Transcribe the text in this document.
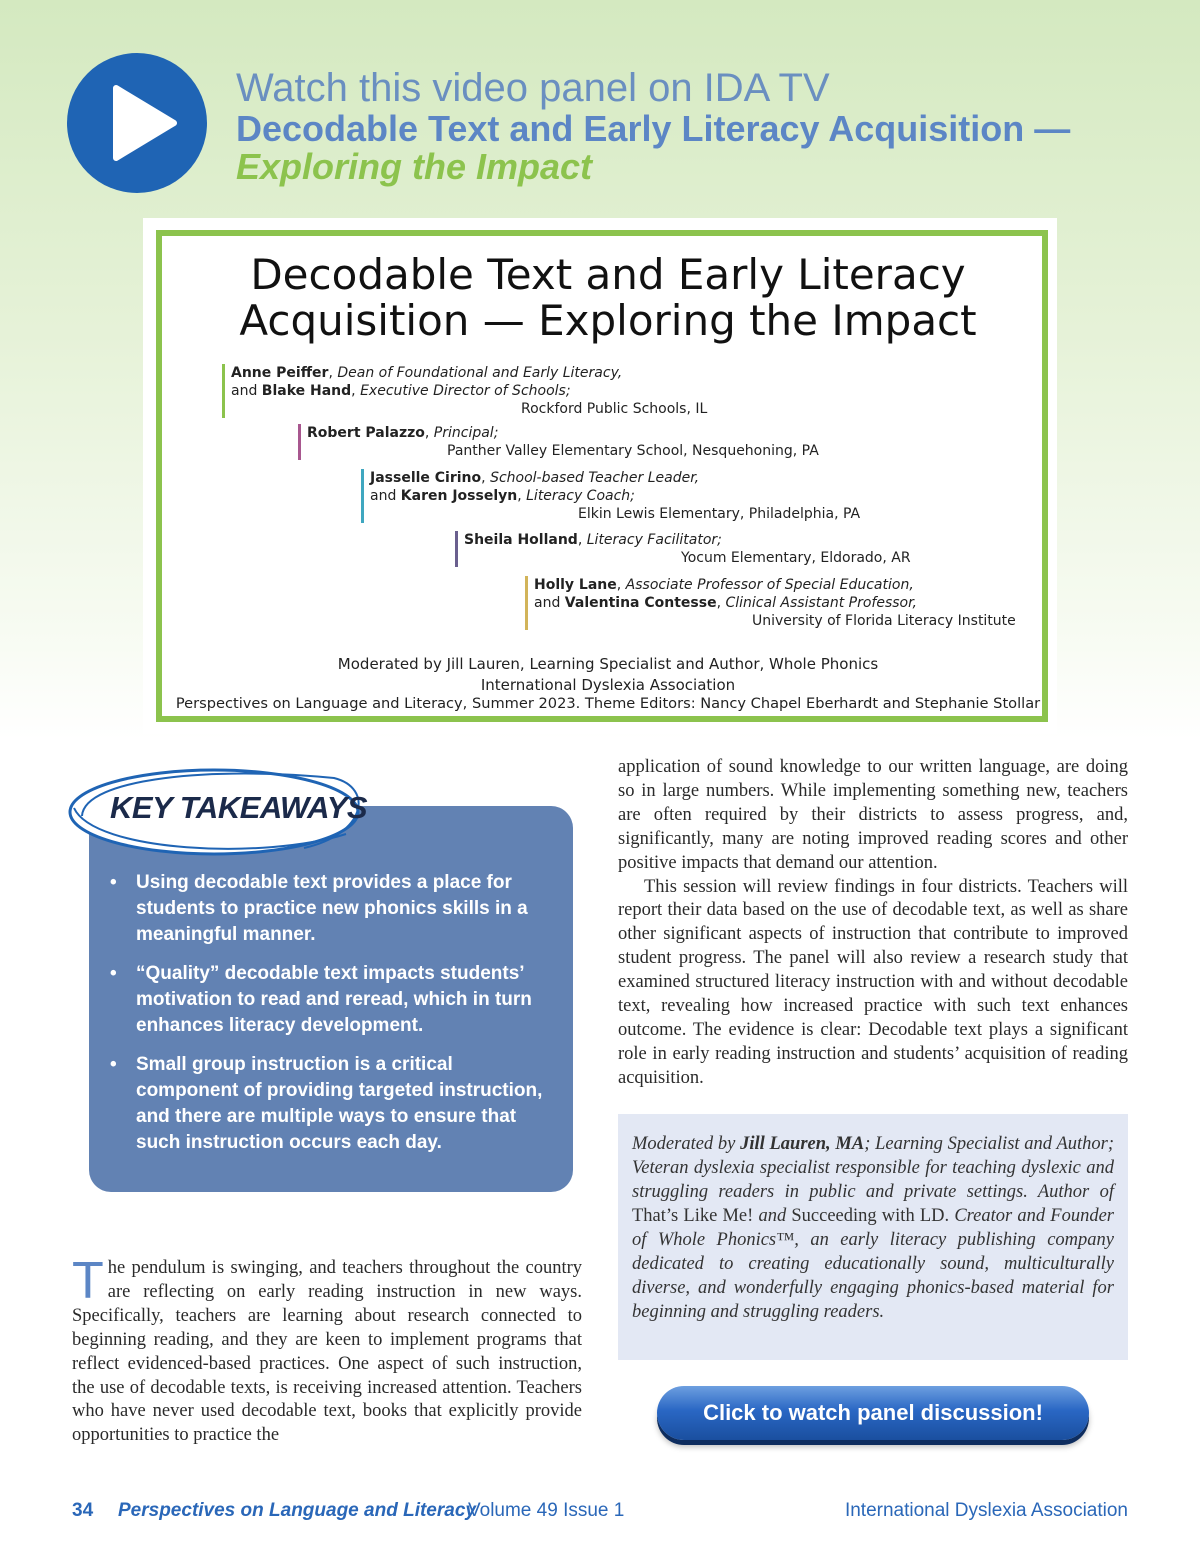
Watch this video panel on IDA TV
Decodable Text and Early Literacy Acquisition —
Exploring the Impact
Decodable Text and Early Literacy
Acquisition — Exploring the Impact
Anne Peiffer, Dean of Foundational and Early Literacy,
and Blake Hand, Executive Director of Schools;
Rockford Public Schools, IL
Robert Palazzo, Principal;
Panther Valley Elementary School, Nesquehoning, PA
Jasselle Cirino, School-based Teacher Leader,
and Karen Josselyn, Literacy Coach;
Elkin Lewis Elementary, Philadelphia, PA
Sheila Holland, Literacy Facilitator;
Yocum Elementary, Eldorado, AR
Holly Lane, Associate Professor of Special Education,
and Valentina Contesse, Clinical Assistant Professor,
University of Florida Literacy Institute
Moderated by Jill Lauren, Learning Specialist and Author, Whole Phonics
International Dyslexia Association
Perspectives on Language and Literacy, Summer 2023. Theme Editors: Nancy Chapel Eberhardt and Stephanie Stollar
KEY TAKEAWAYS
• Using decodable text provides a place for students to practice new phonics skills in a meaningful manner.
• “Quality” decodable text impacts students’ motivation to read and reread, which in turn enhances literacy development.
• Small group instruction is a critical component of providing targeted instruction, and there are multiple ways to ensure that such instruction occurs each day.

The pendulum is swinging, and teachers throughout the country are reflecting on early reading instruction in new ways. Specifically, teachers are learning about research connected to beginning reading, and they are keen to implement programs that reflect evidenced-based practices. One aspect of such instruction, the use of decodable texts, is receiving increased attention. Teachers who have never used decodable text, books that explicitly provide opportunities to practice the

application of sound knowledge to our written language, are doing so in large numbers. While implementing something new, teachers are often required by their districts to assess progress, and, significantly, many are noting improved reading scores and other positive impacts that demand our attention.

This session will review findings in four districts. Teachers will report their data based on the use of decodable text, as well as share other significant aspects of instruction that contribute to improved student progress. The panel will also review a research study that examined structured literacy instruction with and without decodable text, revealing how increased practice with such text enhances outcome. The evidence is clear: Decodable text plays a significant role in early reading instruction and students’ acquisition of reading acquisition.

Moderated by Jill Lauren, MA; Learning Specialist and Author; Veteran dyslexia specialist responsible for teaching dyslexic and struggling readers in public and private settings. Author of That’s Like Me! and Succeeding with LD. Creator and Founder of Whole Phonics™, an early literacy publishing company dedicated to creating educationally sound, multiculturally diverse, and wonderfully engaging phonics-based material for beginning and struggling readers.

Click to watch panel discussion!
34 Perspectives on Language and Literacy
Volume 49 Issue 1	International Dyslexia Association
